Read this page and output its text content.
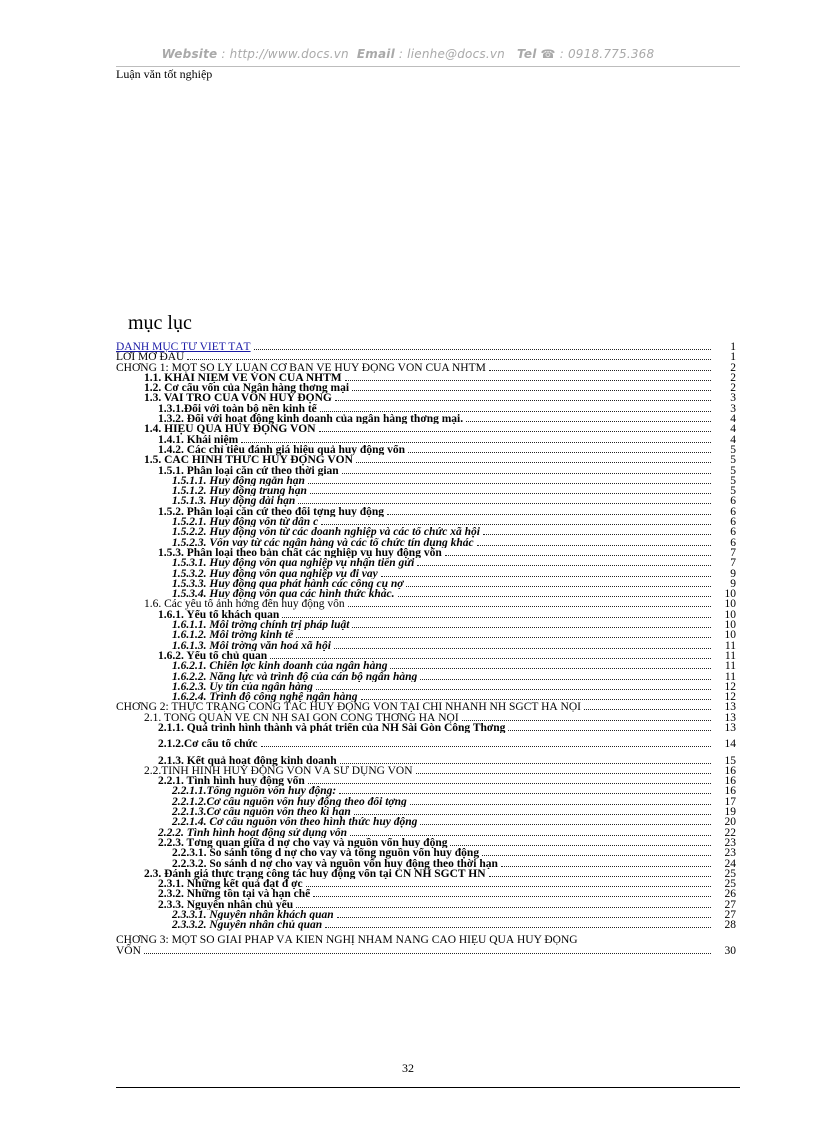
Website : http://www.docs.vn Email : lienhe@docs.vn Tel ☎ : 0918.775.368
Luận văn tốt nghiệp
mục lục
DANH MỤC TỪ VIẾT TẮT	1
LỜI MỞ ĐẦU	1
CHƠNG 1: MỘT SỐ LÝ LUẬN CƠ BẢN VỀ HUY ĐỘNG VỐN CỦA NHTM	2
1.1. KHÁI NIỆM VỀ VỐN CỦA NHTM	2
1.2. Cơ cấu vốn của Ngân hàng thơng mại	2
1.3. VAI TRÒ CỦA VỐN HUY ĐỘNG	3
1.3.1.Đối với toàn bộ nền kinh tế	3
1.3.2. Đối với hoạt động kinh doanh của ngân hàng thơng mại.	4
1.4. HIỆU QUẢ HUY ĐỘNG VỐN	4
1.4.1. Khái niệm	4
1.4.2. Các chỉ tiêu đánh giá hiệu quả huy động vốn	5
1.5. CÁC HÌNH THỨC HUY ĐỘNG VỐN	5
1.5.1. Phân loại căn cứ theo thời gian	5
1.5.1.1. Huy động ngắn hạn	5
1.5.1.2. Huy động trung hạn	5
1.5.1.3. Huy động dài hạn	6
1.5.2. Phân loại căn cứ theo đối tợng huy động	6
1.5.2.1. Huy động vốn từ dân c	6
1.5.2.2. Huy động vốn từ các doanh nghiệp và các tổ chức xã hội	6
1.5.2.3. Vốn vay từ các ngân hàng và các tổ chức tín dụng khác	6
1.5.3. Phân loại theo bản chất các nghiệp vụ huy động vốn	7
1.5.3.1. Huy động vốn qua nghiệp vụ nhận tiền gửi	7
1.5.3.2. Huy động vốn qua nghiệp vụ đi vay	9
1.5.3.3. Huy động qua phát hành các công cụ nợ	9
1.5.3.4. Huy động vốn qua các hình thức khác.	10
1.6. Các yếu tố ảnh hởng đến huy động vốn	10
1.6.1. Yếu tố khách quan	10
1.6.1.1. Môi trờng chính trị pháp luật	10
1.6.1.2. Môi trờng kinh tế	10
1.6.1.3. Môi trờng văn hoá xã hội	11
1.6.2. Yếu tố chủ quan	11
1.6.2.1. Chiến lợc kinh doanh của ngân hàng	11
1.6.2.2. Năng lực và trình độ của cán bộ ngân hàng	11
1.6.2.3. Uy tín của ngân hàng	12
1.6.2.4. Trình độ công nghệ ngân hàng	12
CHƠNG 2: THỰC TRẠNG CÔNG TÁC HUY ĐỘNG VỐN TẠI CHI NHÁNH NH SGCT HÀ NỘI	13
2.1. TỔNG QUAN VỀ CN NH SÀI GÒN CÔNG THƠNG HÀ NỘI	13
2.1.1. Quá trình hình thành và phát triển của NH Sài Gòn Công Thơng	13
2.1.2.Cơ cấu tổ chức	14
2.1.3. Kết quả hoạt động kinh doanh	15
2.2.TÌNH HÌNH HUY ĐỘNG VỐN VÀ SỬ DỤNG VỐN	16
2.2.1. Tình hình huy động vốn	16
2.2.1.1.Tổng nguồn vốn huy động:	16
2.2.1.2.Cơ cấu nguồn vốn huy động theo đối tợng	17
2.2.1.3.Cơ cấu nguồn vốn theo kì hạn	19
2.2.1.4. Cơ cấu nguồn vốn theo hình thức huy động	20
2.2.2. Tình hình hoạt động sử dụng vốn	22
2.2.3. Tơng quan giữa d nợ cho vay và nguồn vốn huy động	23
2.2.3.1. So sánh tổng d nợ cho vay và tổng nguồn vốn huy động	23
2.2.3.2. So sánh d nợ cho vay và nguồn vốn huy động theo thời hạn	24
2.3. Đánh giá thực trạng công tác huy động vốn tại CN NH SGCT HN	25
2.3.1. Những kết quả đạt đ ợc	25
2.3.2. Những tồn tại và hạn chế	26
2.3.3. Nguyên nhân chủ yếu	27
2.3.3.1. Nguyên nhân khách quan	27
2.3.3.2. Nguyên nhân chủ quan	28
CHƠNG 3: MỘT SỐ GIẢI PHÁP VÀ KIẾN NGHỊ NHẰM NÂNG CAO HIỆU QUẢ HUY ĐỘNG
VỐN	30
32
